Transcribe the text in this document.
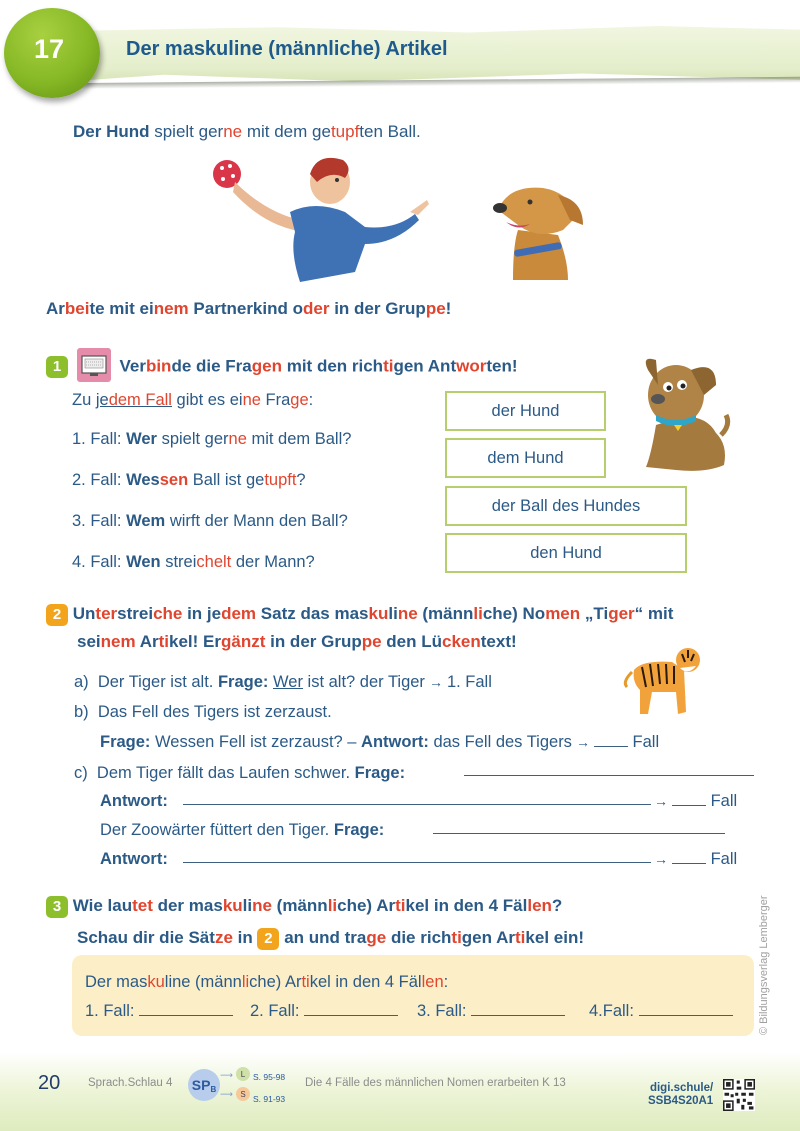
17	Der maskuline (männliche) Artikel
Der Hund spielt gerne mit dem getupften Ball.
Arbeite mit einem Partnerkind oder in der Gruppe!
1	Verbinde die Fragen mit den richtigen Antworten!
Zu jedem Fall gibt es eine Frage:
1. Fall: Wer spielt gerne mit dem Ball?
2. Fall: Wessen Ball ist getupft?
3. Fall: Wem wirft der Mann den Ball?
4. Fall: Wen streichelt der Mann?
der Hund
dem Hund
der Ball des Hundes
den Hund
2 Unterstreiche in jedem Satz das maskuline (männliche) Nomen „Tiger“ mit
seinem Artikel! Ergänzt in der Gruppe den Lückentext!
a) Der Tiger ist alt. Frage: Wer ist alt? der Tiger → 1. Fall
b) Das Fell des Tigers ist zerzaust.
Frage: Wessen Fell ist zerzaust? – Antwort: das Fell des Tigers →	Fall
c) Dem Tiger fällt das Laufen schwer. Frage:
Antwort:	→	Fall
Der Zoowärter füttert den Tiger. Frage:
Antwort:	→	Fall
3 Wie lautet der maskuline (männliche) Artikel in den 4 Fällen?
Schau dir die Sätze in 2 an und trage die richtigen Artikel ein!
Der maskuline (männliche) Artikel in den 4 Fällen:
1. Fall:	2. Fall:	3. Fall:	4.Fall:	© Bildungsverlag Lemberger
20 Sprach.Schlau 4 SP B
⟶ L S. 95-98
⟶ S S. 91-93
Die 4 Fälle des männlichen Nomen erarbeiten K 13	digi.schule/
SSB4S20A1
